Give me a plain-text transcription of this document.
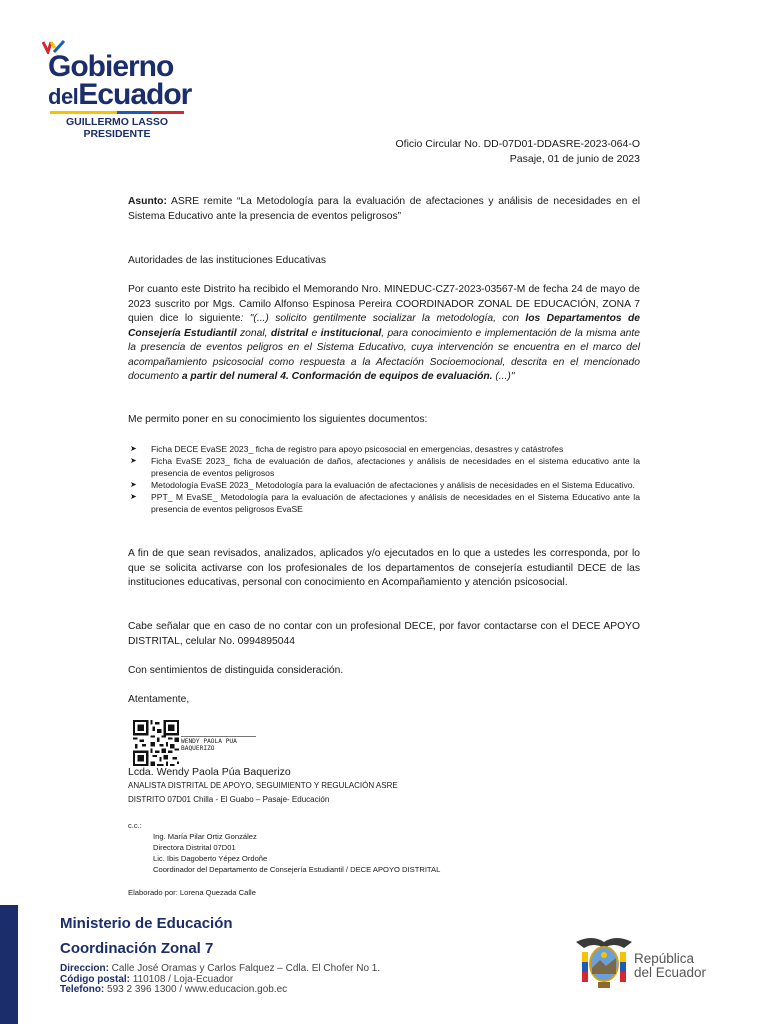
Gobierno
delEcuador
GUILLERMO LASSO
PRESIDENTE
Oficio Circular No. DD-07D01-DDASRE-2023-064-O
Pasaje, 01 de junio de 2023
Asunto: ASRE remite “La Metodología para la evaluación de afectaciones y análisis de necesidades en el Sistema Educativo ante la presencia de eventos peligrosos”
Autoridades de las instituciones Educativas
Por cuanto este Distrito ha recibido el Memorando Nro. MINEDUC-CZ7-2023-03567-M de fecha 24 de mayo de 2023 suscrito por Mgs. Camilo Alfonso Espinosa Pereira COORDINADOR ZONAL DE EDUCACIÓN, ZONA 7 quien dice lo siguiente: "(...) solicito gentilmente socializar la metodología, con los Departamentos de Consejería Estudiantil zonal, distrital e institucional, para conocimiento e implementación de la misma ante la presencia de eventos peligros en el Sistema Educativo, cuya intervención se encuentra en el marco del acompañamiento psicosocial como respuesta a la Afectación Socioemocional, descrita en el mencionado documento a partir del numeral 4. Conformación de equipos de evaluación. (...)"
Me permito poner en su conocimiento los siguientes documentos:
➤ Ficha DECE EvaSE 2023_ ficha de registro para apoyo psicosocial en emergencias, desastres y catástrofes
➤ Ficha EvaSE 2023_ ficha de evaluación de daños, afectaciones y análisis de necesidades en el sistema educativo ante la presencia de eventos peligrosos
➤ Metodología EvaSE 2023_ Metodología para la evaluación de afectaciones y análisis de necesidades en el Sistema Educativo.
➤ PPT_ M EvaSE_ Metodología para la evaluación de afectaciones y análisis de necesidades en el Sistema Educativo ante la presencia de eventos peligrosos EvaSE
A fin de que sean revisados, analizados, aplicados y/o ejecutados en lo que a ustedes les corresponda, por lo que se solicita activarse con los profesionales de los departamentos de consejería estudiantil DECE de las instituciones educativas, personal con conocimiento en Acompañamiento y atención psicosocial.
Cabe señalar que en caso de no contar con un profesional DECE, por favor contactarse con el DECE APOYO DISTRITAL, celular No. 0994895044
Con sentimientos de distinguida consideración.
Atentamente,
WENDY PAOLA PUA
BAQUERIZO
Lcda. Wendy Paola Púa Baquerizo
ANALISTA DISTRITAL DE APOYO, SEGUIMIENTO Y REGULACIÓN ASRE
DISTRITO 07D01 Chilla - El Guabo – Pasaje- Educación
c.c.:
Ing. María Pilar Ortiz González
Directora Distrital 07D01
Lic. Ibis Dagoberto Yépez Ordoñe
Coordinador del Departamento de Consejería Estudiantil / DECE APOYO DISTRITAL
Elaborado por: Lorena Quezada Calle
Ministerio de Educación
Coordinación Zonal 7
Direccion: Calle José Oramas y Carlos Falquez – Cdla. El Chofer No 1.
Código postal: 110108 / Loja-Ecuador
Telefono: 593 2 396 1300 / www.educacion.gob.ec
República
del Ecuador
